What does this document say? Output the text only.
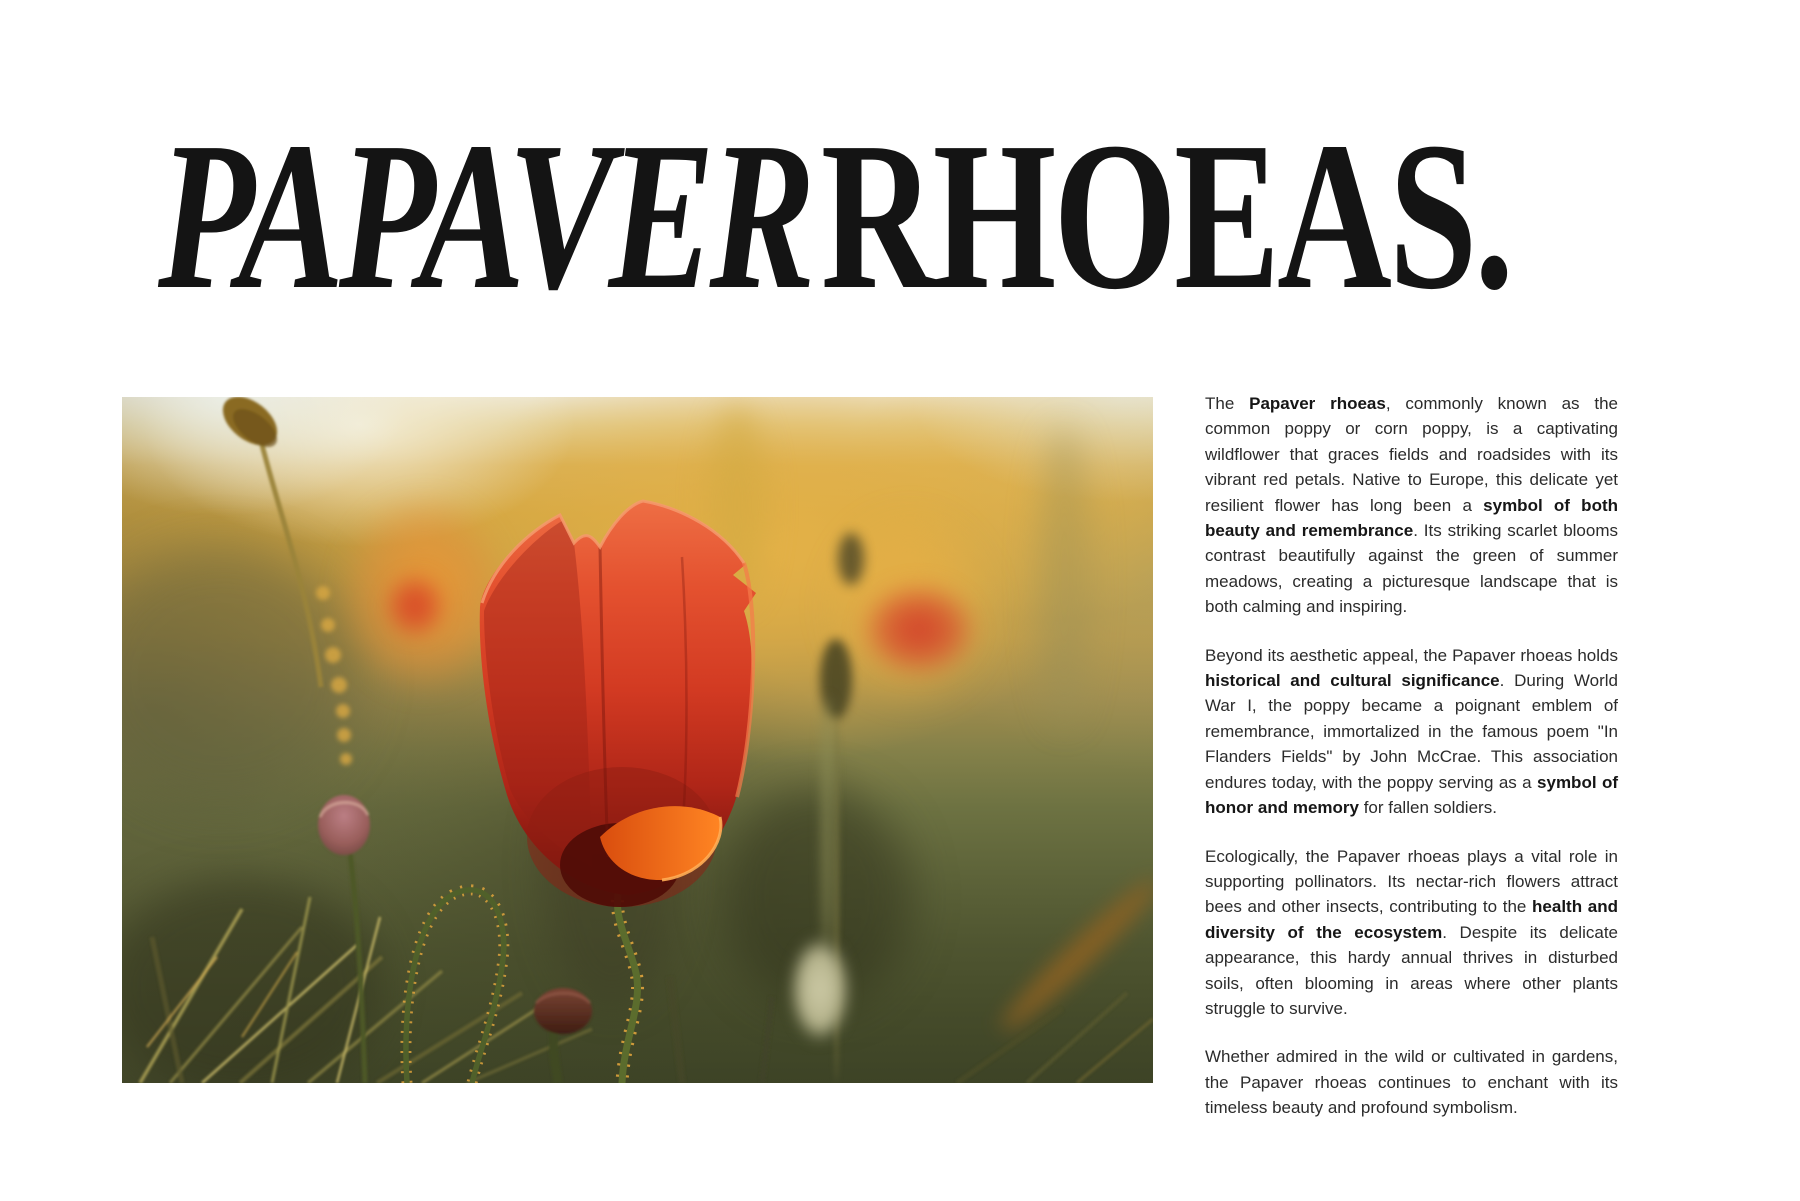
PAPAVERRHOEAS.

The Papaver rhoeas, commonly known as the common poppy or corn poppy, is a captivating wildflower that graces fields and roadsides with its vibrant red petals. Native to Europe, this delicate yet resilient flower has long been a symbol of both beauty and remembrance. Its striking scarlet blooms contrast beautifully against the green of summer meadows, creating a picturesque landscape that is both calming and inspiring.

Beyond its aesthetic appeal, the Papaver rhoeas holds historical and cultural significance. During World War I, the poppy became a poignant emblem of remembrance, immortalized in the famous poem "In Flanders Fields" by John McCrae. This association endures today, with the poppy serving as a symbol of honor and memory for fallen soldiers.

Ecologically, the Papaver rhoeas plays a vital role in supporting pollinators. Its nectar-rich flowers attract bees and other insects, contributing to the health and diversity of the ecosystem. Despite its delicate appearance, this hardy annual thrives in disturbed soils, often blooming in areas where other plants struggle to survive.

Whether admired in the wild or cultivated in gardens, the Papaver rhoeas continues to enchant with its timeless beauty and profound symbolism.
